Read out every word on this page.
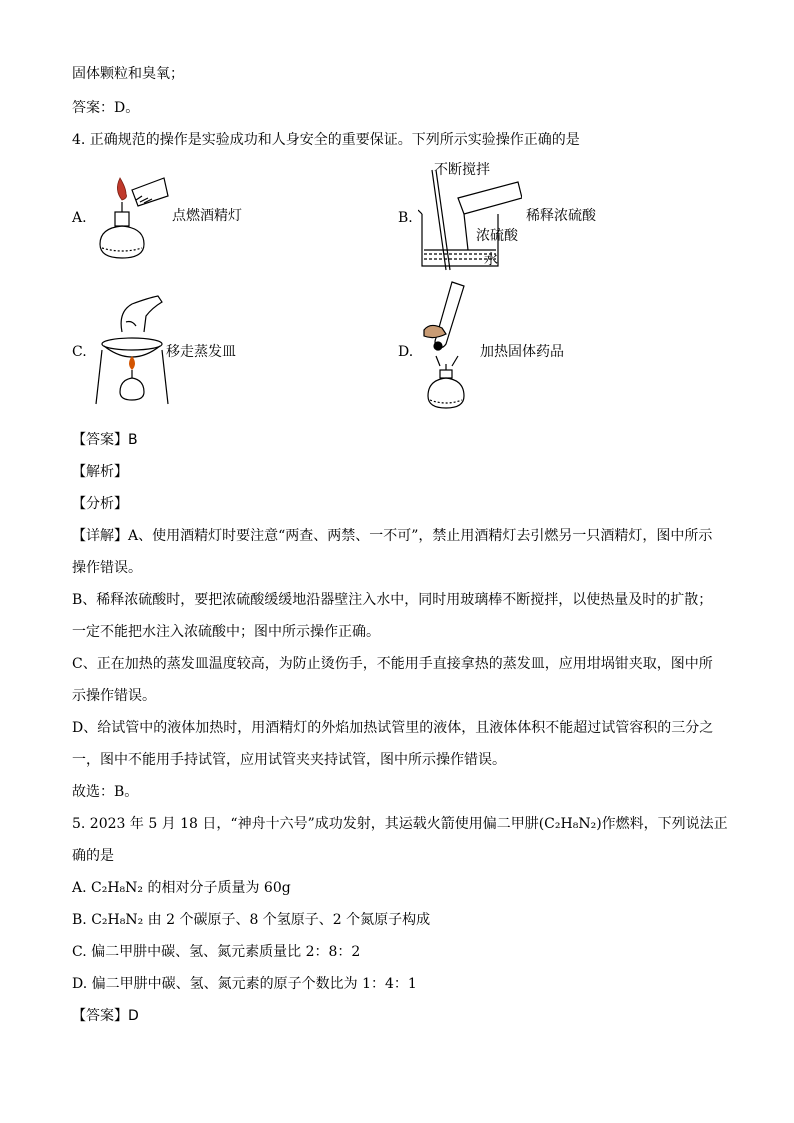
固体颗粒和臭氧；
答案：D。
4. 正确规范的操作是实验成功和人身安全的重要保证。下列所示实验操作正确的是
A.	点燃酒精灯	B.
不断搅拌
稀释浓硫酸
浓硫酸
水
C.	移走蒸发皿	D.	加热固体药品
【答案】B
【解析】
【分析】
【详解】A、使用酒精灯时要注意“两查、两禁、一不可”，禁止用酒精灯去引燃另一只酒精灯，图中所示
操作错误。
B、稀释浓硫酸时，要把浓硫酸缓缓地沿器壁注入水中，同时用玻璃棒不断搅拌，以使热量及时的扩散；
一定不能把水注入浓硫酸中；图中所示操作正确。
C、正在加热的蒸发皿温度较高，为防止烫伤手，不能用手直接拿热的蒸发皿，应用坩埚钳夹取，图中所
示操作错误。
D、给试管中的液体加热时，用酒精灯的外焰加热试管里的液体，且液体体积不能超过试管容积的三分之
一，图中不能用手持试管，应用试管夹夹持试管，图中所示操作错误。
故选：B。
5. 2023 年 5 月 18 日，“神舟十六号”成功发射，其运载火箭使用偏二甲肼(C₂H₈N₂)作燃料，下列说法正
确的是
A. C₂H₈N₂ 的相对分子质量为 60g
B. C₂H₈N₂ 由 2 个碳原子、8 个氢原子、2 个氮原子构成
C. 偏二甲肼中碳、氢、氮元素质量比 2：8：2
D. 偏二甲肼中碳、氢、氮元素的原子个数比为 1：4：1
【答案】D
